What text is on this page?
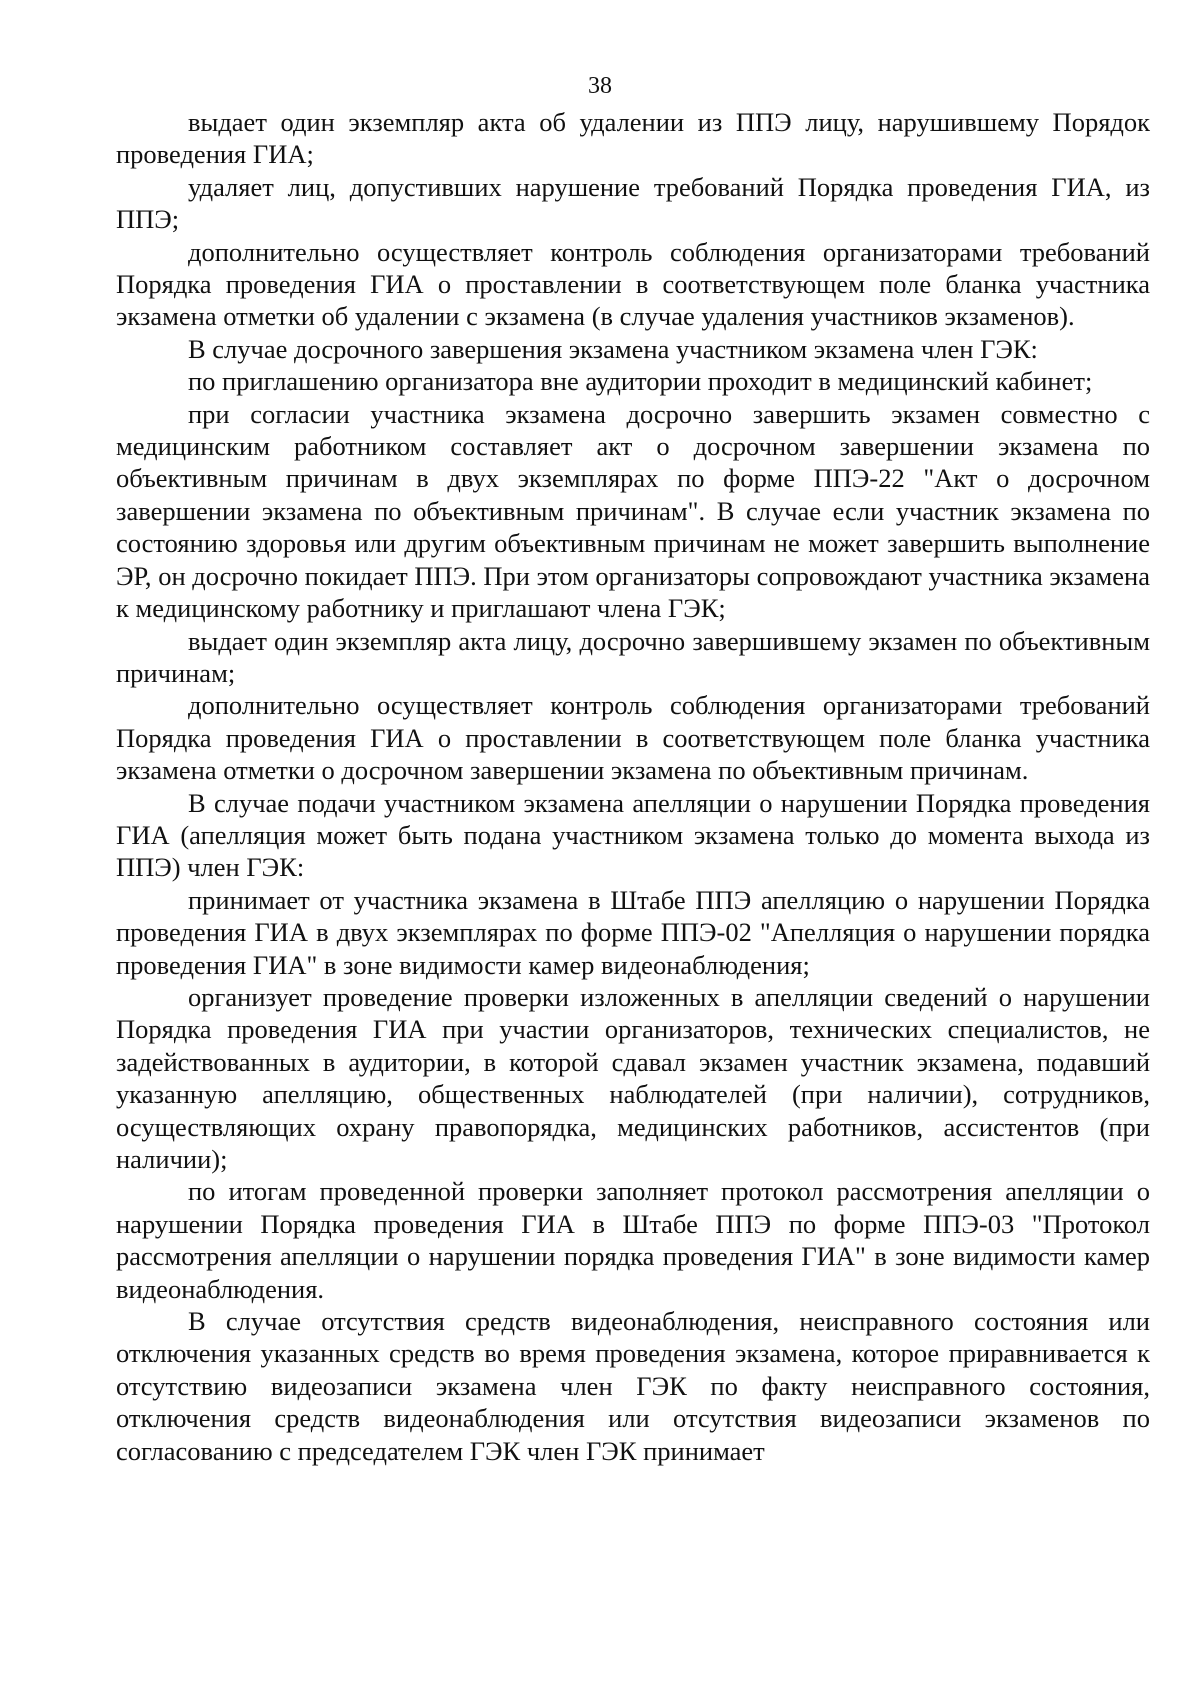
38

выдает один экземпляр акта об удалении из ППЭ лицу, нарушившему Порядок проведения ГИА;

удаляет лиц, допустивших нарушение требований Порядка проведения ГИА, из ППЭ;

дополнительно осуществляет контроль соблюдения организаторами требований Порядка проведения ГИА о проставлении в соответствующем поле бланка участника экзамена отметки об удалении с экзамена (в случае удаления участников экзаменов).

В случае досрочного завершения экзамена участником экзамена член ГЭК:

по приглашению организатора вне аудитории проходит в медицинский кабинет;

при согласии участника экзамена досрочно завершить экзамен совместно с медицинским работником составляет акт о досрочном завершении экзамена по объективным причинам в двух экземплярах по форме ППЭ-22 "Акт о досрочном завершении экзамена по объективным причинам". В случае если участник экзамена по состоянию здоровья или другим объективным причинам не может завершить выполнение ЭР, он досрочно покидает ППЭ. При этом организаторы сопровождают участника экзамена к медицинскому работнику и приглашают члена ГЭК;

выдает один экземпляр акта лицу, досрочно завершившему экзамен по объективным причинам;

дополнительно осуществляет контроль соблюдения организаторами требований Порядка проведения ГИА о проставлении в соответствующем поле бланка участника экзамена отметки о досрочном завершении экзамена по объективным причинам.

В случае подачи участником экзамена апелляции о нарушении Порядка проведения ГИА (апелляция может быть подана участником экзамена только до момента выхода из ППЭ) член ГЭК:

принимает от участника экзамена в Штабе ППЭ апелляцию о нарушении Порядка проведения ГИА в двух экземплярах по форме ППЭ-02 "Апелляция о нарушении порядка проведения ГИА" в зоне видимости камер видеонаблюдения;

организует проведение проверки изложенных в апелляции сведений о нарушении Порядка проведения ГИА при участии организаторов, технических специалистов, не задействованных в аудитории, в которой сдавал экзамен участник экзамена, подавший указанную апелляцию, общественных наблюдателей (при наличии), сотрудников, осуществляющих охрану правопорядка, медицинских работников, ассистентов (при наличии);

по итогам проведенной проверки заполняет протокол рассмотрения апелляции о нарушении Порядка проведения ГИА в Штабе ППЭ по форме ППЭ-03 "Протокол рассмотрения апелляции о нарушении порядка проведения ГИА" в зоне видимости камер видеонаблюдения.

В случае отсутствия средств видеонаблюдения, неисправного состояния или отключения указанных средств во время проведения экзамена, которое приравнивается к отсутствию видеозаписи экзамена член ГЭК по факту неисправного состояния, отключения средств видеонаблюдения или отсутствия видеозаписи экзаменов по согласованию с председателем ГЭК член ГЭК принимает
